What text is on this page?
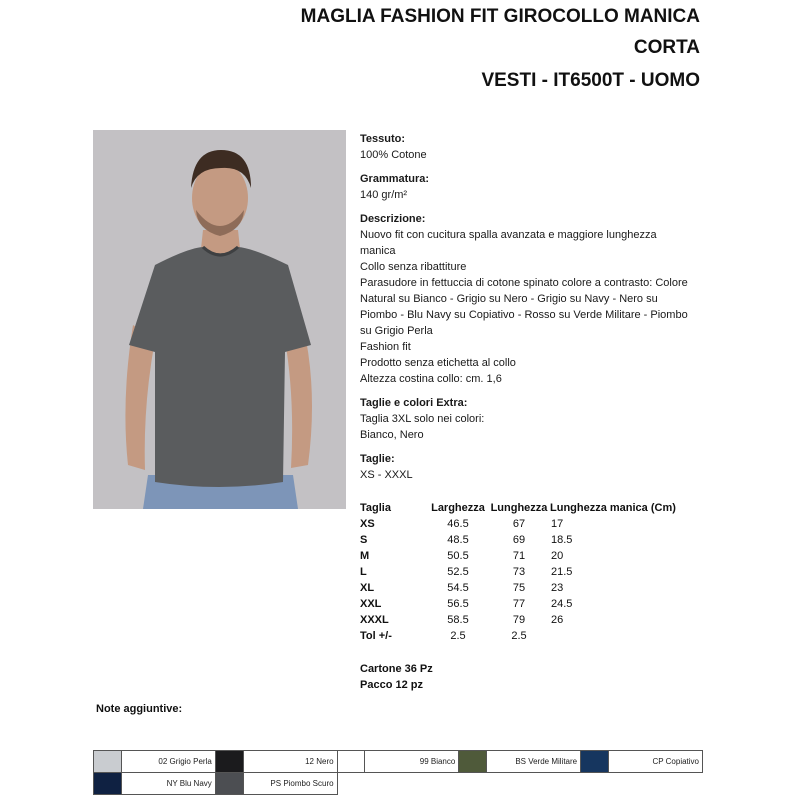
MAGLIA FASHION FIT GIROCOLLO MANICA
CORTA
VESTI - IT6500T - UOMO
Tessuto:
100% Cotone
Grammatura:
140 gr/m²
Descrizione:
Nuovo fit con cucitura spalla avanzata e maggiore lunghezza manica
Collo senza ribattiture
Parasudore in fettuccia di cotone spinato colore a contrasto: Colore Natural su Bianco - Grigio su Nero - Grigio su Navy - Nero su Piombo - Blu Navy su Copiativo - Rosso su Verde Militare - Piombo su Grigio Perla
Fashion fit
Prodotto senza etichetta al collo
Altezza costina collo: cm. 1,6
Taglie e colori Extra:
Taglia 3XL solo nei colori:
Bianco, Nero
Taglie:
XS - XXXL
Taglia	Larghezza	Lunghezza	Lunghezza manica (Cm)
XS	46.5	67	17
S	48.5	69	18.5
M	50.5	71	20
L	52.5	73	21.5
XL	54.5	75	23
XXL	56.5	77	24.5
XXXL	58.5	79	26
Tol +/-	2.5	2.5	
Cartone 36 Pz
Pacco 12 pz
Note aggiuntive:
	02 Grigio Perla		12 Nero		99 Bianco		BS Verde Militare		CP Copiativo
	NY Blu Navy		PS Piombo Scuro						
